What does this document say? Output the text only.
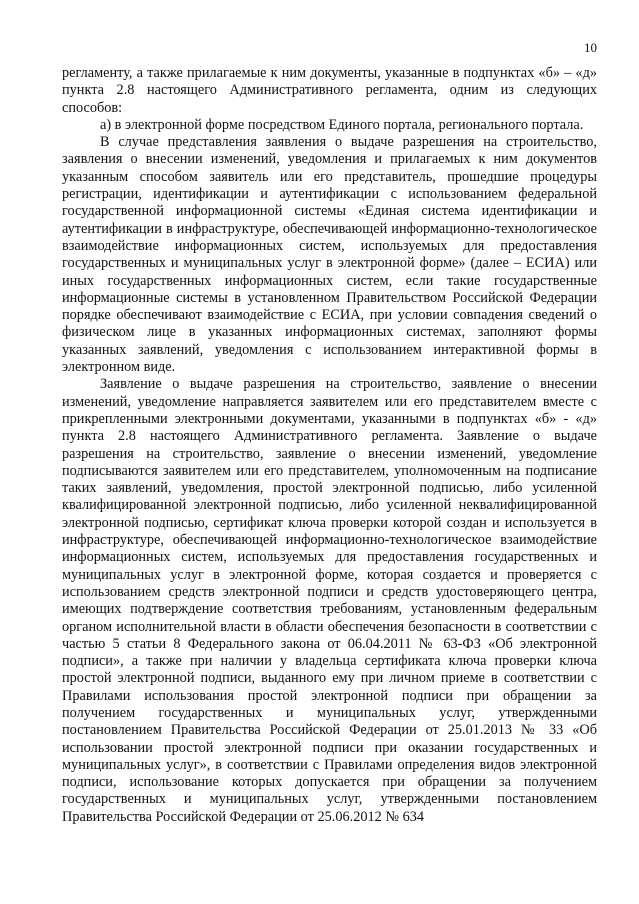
10

регламенту, а также прилагаемые к ним документы, указанные в подпунктах «б» – «д» пункта 2.8 настоящего Административного регламента, одним из следующих способов:

а) в электронной форме посредством Единого портала, регионального портала.

В случае представления заявления о выдаче разрешения на строительство, заявления о внесении изменений, уведомления и прилагаемых к ним документов указанным способом заявитель или его представитель, прошедшие процедуры регистрации, идентификации и аутентификации с использованием федеральной государственной информационной системы «Единая система идентификации и аутентификации в инфраструктуре, обеспечивающей информационно-технологическое взаимодействие информационных систем, используемых для предоставления государственных и муниципальных услуг в электронной форме» (далее – ЕСИА) или иных государственных информационных систем, если такие государственные информационные системы в установленном Правительством Российской Федерации порядке обеспечивают взаимодействие с ЕСИА, при условии совпадения сведений о физическом лице в указанных информационных системах, заполняют формы указанных заявлений, уведомления с использованием интерактивной формы в электронном виде.

Заявление о выдаче разрешения на строительство, заявление о внесении изменений, уведомление направляется заявителем или его представителем вместе с прикрепленными электронными документами, указанными в подпунктах «б» - «д» пункта 2.8 настоящего Административного регламента. Заявление о выдаче разрешения на строительство, заявление о внесении изменений, уведомление подписываются заявителем или его представителем, уполномоченным на подписание таких заявлений, уведомления, простой электронной подписью, либо усиленной квалифицированной электронной подписью, либо усиленной неквалифицированной электронной подписью, сертификат ключа проверки которой создан и используется в инфраструктуре, обеспечивающей информационно-технологическое взаимодействие информационных систем, используемых для предоставления государственных и муниципальных услуг в электронной форме, которая создается и проверяется с использованием средств электронной подписи и средств удостоверяющего центра, имеющих подтверждение соответствия требованиям, установленным федеральным органом исполнительной власти в области обеспечения безопасности в соответствии с частью 5 статьи 8 Федерального закона от 06.04.2011 № 63-ФЗ «Об электронной подписи», а также при наличии у владельца сертификата ключа проверки ключа простой электронной подписи, выданного ему при личном приеме в соответствии с Правилами использования простой электронной подписи при обращении за получением государственных и муниципальных услуг, утвержденными постановлением Правительства Российской Федерации от 25.01.2013 № 33 «Об использовании простой электронной подписи при оказании государственных и муниципальных услуг», в соответствии с Правилами определения видов электронной подписи, использование которых допускается при обращении за получением государственных и муниципальных услуг, утвержденными постановлением Правительства Российской Федерации от 25.06.2012 № 634
